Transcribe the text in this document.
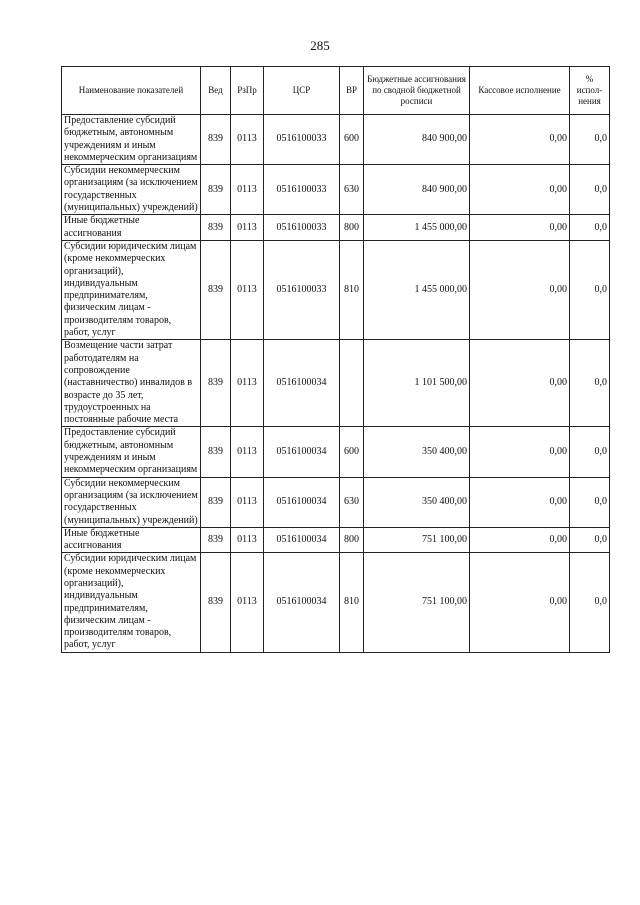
285
Наименование показателей	Вед	РзПр	ЦСР	ВР	Бюджетные ассигнования по сводной бюджетной росписи	Кассовое исполнение	% испол-нения
Предоставление субсидий бюджетным, автономным учреждениям и иным некоммерческим организациям	839	0113	0516100033	600	840 900,00	0,00	0,0
Субсидии некоммерческим организациям (за исключением государственных (муниципальных) учреждений)	839	0113	0516100033	630	840 900,00	0,00	0,0
Иные бюджетные ассигнования	839	0113	0516100033	800	1 455 000,00	0,00	0,0
Субсидии юридическим лицам (кроме некоммерческих организаций), индивидуальным предпринимателям, физическим лицам - производителям товаров, работ, услуг	839	0113	0516100033	810	1 455 000,00	0,00	0,0
Возмещение части затрат работодателям на сопровождение (наставничество) инвалидов в возрасте до 35 лет, трудоустроенных на постоянные рабочие места	839	0113	0516100034		1 101 500,00	0,00	0,0
Предоставление субсидий бюджетным, автономным учреждениям и иным некоммерческим организациям	839	0113	0516100034	600	350 400,00	0,00	0,0
Субсидии некоммерческим организациям (за исключением государственных (муниципальных) учреждений)	839	0113	0516100034	630	350 400,00	0,00	0,0
Иные бюджетные ассигнования	839	0113	0516100034	800	751 100,00	0,00	0,0
Субсидии юридическим лицам (кроме некоммерческих организаций), индивидуальным предпринимателям, физическим лицам - производителям товаров, работ, услуг	839	0113	0516100034	810	751 100,00	0,00	0,0
